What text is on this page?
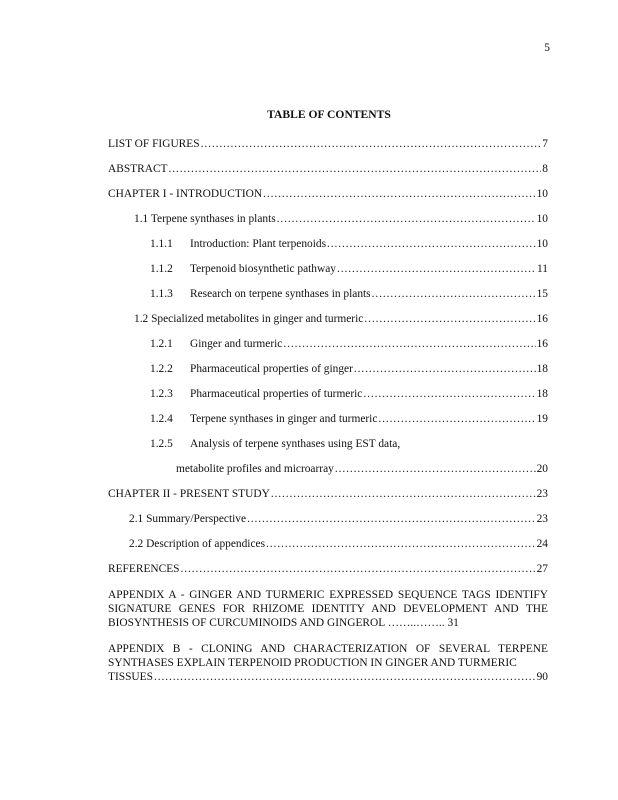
5
TABLE OF CONTENTS
LIST OF FIGURES .....	7
ABSTRACT .....	8
CHAPTER I - INTRODUCTION .....	10
1.1 Terpene synthases in plants .....	10
1.1.1	Introduction: Plant terpenoids .....	10
1.1.2	Terpenoid biosynthetic pathway .....	11
1.1.3	Research on terpene synthases in plants .....	15
1.2 Specialized metabolites in ginger and turmeric .....	16
1.2.1	Ginger and turmeric .....	16
1.2.2	Pharmaceutical properties of ginger .....	18
1.2.3	Pharmaceutical properties of turmeric .....	18
1.2.4	Terpene synthases in ginger and turmeric .....	19
1.2.5	Analysis of terpene synthases using EST data,
metabolite profiles and microarray .....	20
CHAPTER II - PRESENT STUDY .....	23
2.1 Summary/Perspective .....	23
2.2 Description of appendices .....	24
REFERENCES .....	27
APPENDIX A - GINGER AND TURMERIC EXPRESSED SEQUENCE TAGS IDENTIFY SIGNATURE GENES FOR RHIZOME IDENTITY AND DEVELOPMENT AND THE BIOSYNTHESIS OF CURCUMINOIDS AND GINGEROL ……..…….. 31
APPENDIX B - CLONING AND CHARACTERIZATION OF SEVERAL TERPENE SYNTHASES EXPLAIN TERPENOID PRODUCTION IN GINGER AND TURMERIC
TISSUES .....	90
